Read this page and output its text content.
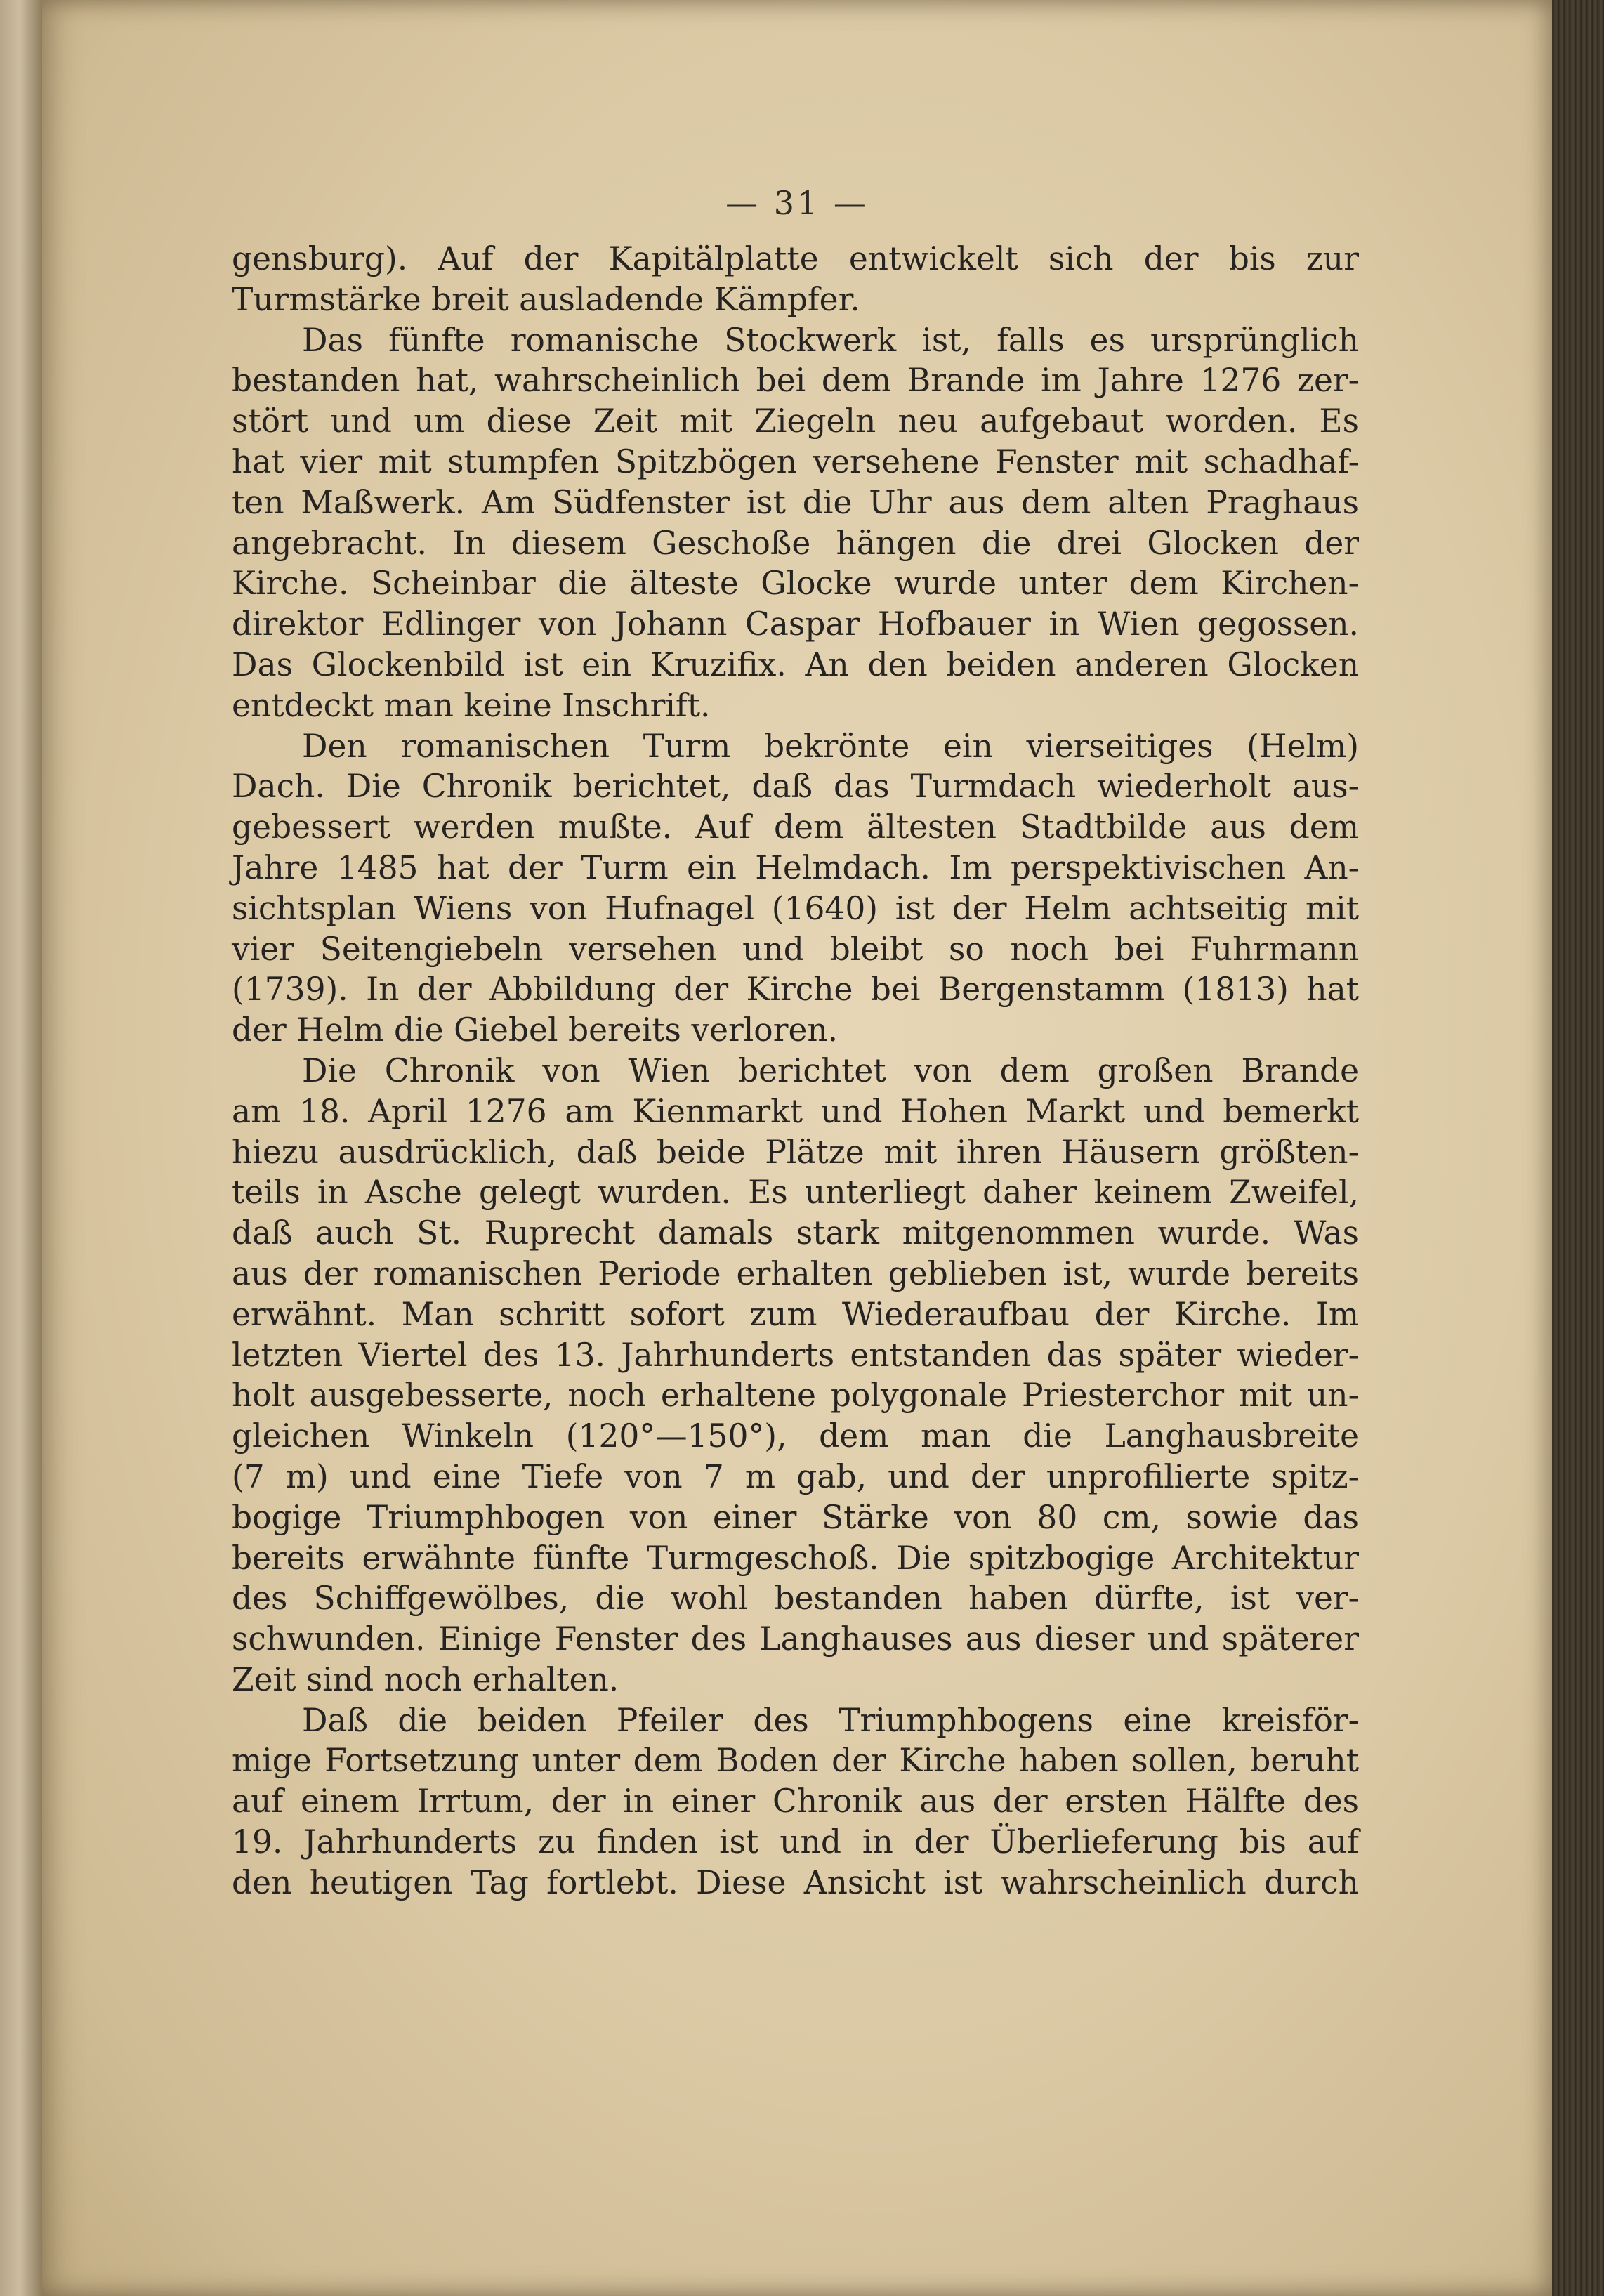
— 31 —
gensburg). Auf der Kapitälplatte entwickelt sich der bis zur
Turmstärke breit ausladende Kämpfer.
Das fünfte romanische Stockwerk ist, falls es ursprünglich
bestanden hat, wahrscheinlich bei dem Brande im Jahre 1276 zer-
stört und um diese Zeit mit Ziegeln neu aufgebaut worden. Es
hat vier mit stumpfen Spitzbögen versehene Fenster mit schadhaf-
ten Maßwerk. Am Südfenster ist die Uhr aus dem alten Praghaus
angebracht. In diesem Geschoße hängen die drei Glocken der
Kirche. Scheinbar die älteste Glocke wurde unter dem Kirchen-
direktor Edlinger von Johann Caspar Hofbauer in Wien gegossen.
Das Glockenbild ist ein Kruzifix. An den beiden anderen Glocken
entdeckt man keine Inschrift.
Den romanischen Turm bekrönte ein vierseitiges (Helm)
Dach. Die Chronik berichtet, daß das Turmdach wiederholt aus-
gebessert werden mußte. Auf dem ältesten Stadtbilde aus dem
Jahre 1485 hat der Turm ein Helmdach. Im perspektivischen An-
sichtsplan Wiens von Hufnagel (1640) ist der Helm achtseitig mit
vier Seitengiebeln versehen und bleibt so noch bei Fuhrmann
(1739). In der Abbildung der Kirche bei Bergenstamm (1813) hat
der Helm die Giebel bereits verloren.
Die Chronik von Wien berichtet von dem großen Brande
am 18. April 1276 am Kienmarkt und Hohen Markt und bemerkt
hiezu ausdrücklich, daß beide Plätze mit ihren Häusern größten-
teils in Asche gelegt wurden. Es unterliegt daher keinem Zweifel,
daß auch St. Ruprecht damals stark mitgenommen wurde. Was
aus der romanischen Periode erhalten geblieben ist, wurde bereits
erwähnt. Man schritt sofort zum Wiederaufbau der Kirche. Im
letzten Viertel des 13. Jahrhunderts entstanden das später wieder-
holt ausgebesserte, noch erhaltene polygonale Priesterchor mit un-
gleichen Winkeln (120°—150°), dem man die Langhausbreite
(7 m) und eine Tiefe von 7 m gab, und der unprofilierte spitz-
bogige Triumphbogen von einer Stärke von 80 cm, sowie das
bereits erwähnte fünfte Turmgeschoß. Die spitzbogige Architektur
des Schiffgewölbes, die wohl bestanden haben dürfte, ist ver-
schwunden. Einige Fenster des Langhauses aus dieser und späterer
Zeit sind noch erhalten.
Daß die beiden Pfeiler des Triumphbogens eine kreisför-
mige Fortsetzung unter dem Boden der Kirche haben sollen, beruht
auf einem Irrtum, der in einer Chronik aus der ersten Hälfte des
19. Jahrhunderts zu finden ist und in der Überlieferung bis auf
den heutigen Tag fortlebt. Diese Ansicht ist wahrscheinlich durch
